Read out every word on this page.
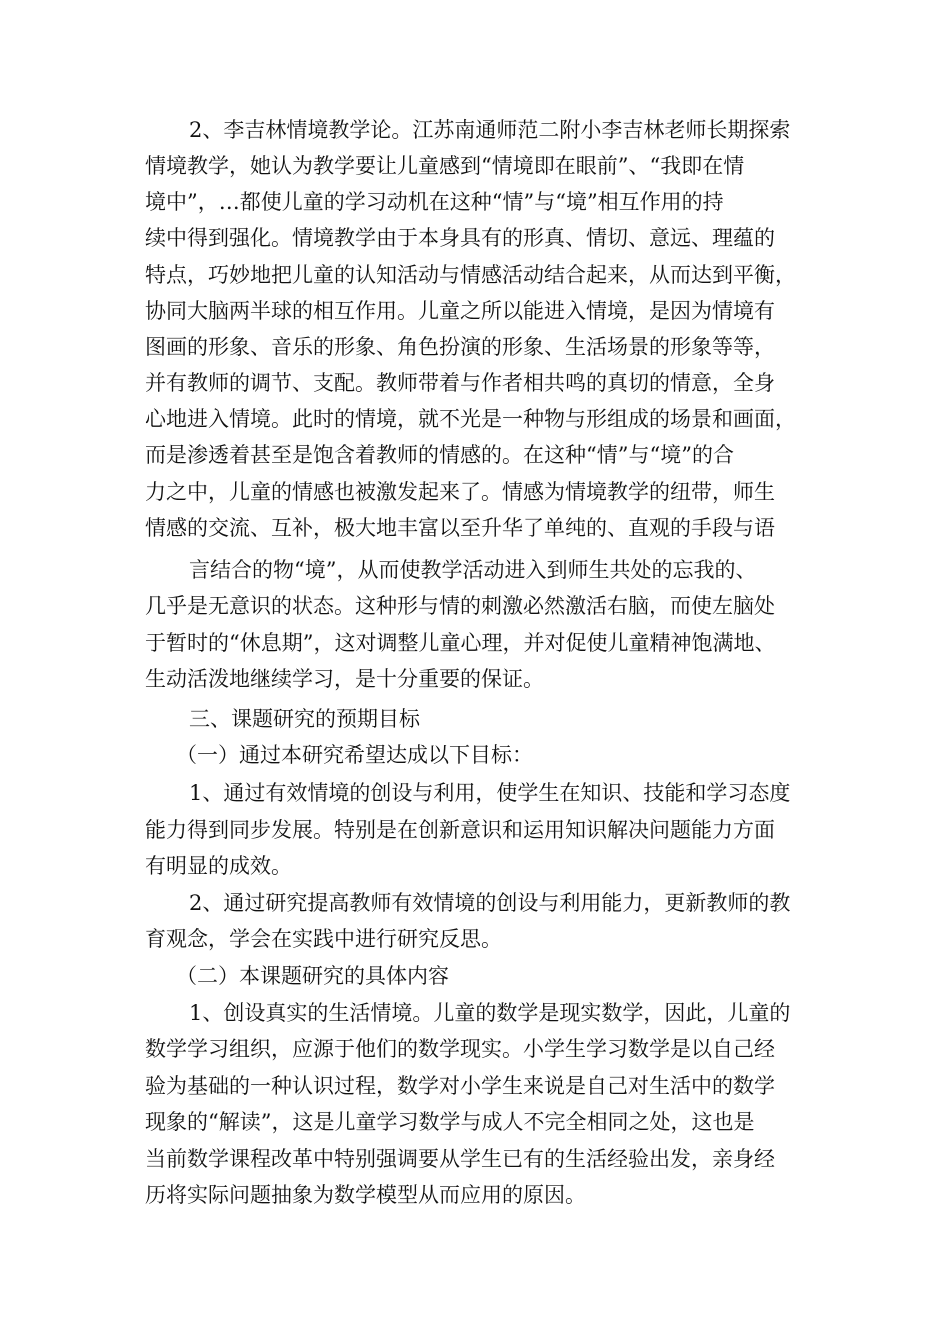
2、李吉林情境教学论。江苏南通师范二附小李吉林老师长期探索

情境教学，她认为教学要让儿童感到“情境即在眼前”、“我即在情

境中”，…都使儿童的学习动机在这种“情”与“境”相互作用的持

续中得到强化。情境教学由于本身具有的形真、情切、意远、理蕴的

特点，巧妙地把儿童的认知活动与情感活动结合起来，从而达到平衡，

协同大脑两半球的相互作用。儿童之所以能进入情境，是因为情境有

图画的形象、音乐的形象、角色扮演的形象、生活场景的形象等等，

并有教师的调节、支配。教师带着与作者相共鸣的真切的情意，全身

心地进入情境。此时的情境，就不光是一种物与形组成的场景和画面，

而是渗透着甚至是饱含着教师的情感的。在这种“情”与“境”的合

力之中，儿童的情感也被激发起来了。情感为情境教学的纽带，师生

情感的交流、互补，极大地丰富以至升华了单纯的、直观的手段与语

言结合的物“境”，从而使教学活动进入到师生共处的忘我的、

几乎是无意识的状态。这种形与情的刺激必然激活右脑，而使左脑处

于暂时的“休息期”，这对调整儿童心理，并对促使儿童精神饱满地、

生动活泼地继续学习，是十分重要的保证。

三、课题研究的预期目标

（一）通过本研究希望达成以下目标：

1、通过有效情境的创设与利用，使学生在知识、技能和学习态度

能力得到同步发展。特别是在创新意识和运用知识解决问题能力方面

有明显的成效。

2、通过研究提高教师有效情境的创设与利用能力，更新教师的教

育观念，学会在实践中进行研究反思。

（二）本课题研究的具体内容

1、创设真实的生活情境。儿童的数学是现实数学，因此，儿童的

数学学习组织，应源于他们的数学现实。小学生学习数学是以自己经

验为基础的一种认识过程，数学对小学生来说是自己对生活中的数学

现象的“解读”，这是儿童学习数学与成人不完全相同之处，这也是

当前数学课程改革中特别强调要从学生已有的生活经验出发，亲身经

历将实际问题抽象为数学模型从而应用的原因。
